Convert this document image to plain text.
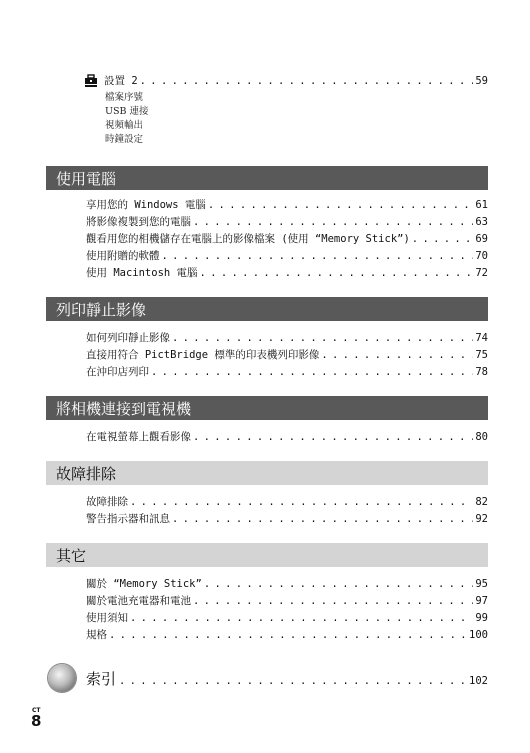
設置 2 . . .	59
檔案序號
USB 連接
視頻輸出
時鐘設定
使用電腦
享用您的 Windows 電腦 . . .	61
將影像複製到您的電腦 . . .	63
觀看用您的相機儲存在電腦上的影像檔案 (使用 “Memory Stick”) . . .	69
使用附贈的軟體 . . .	70
使用 Macintosh 電腦 . . .	72
列印靜止影像
如何列印靜止影像 . . .	74
直接用符合 PictBridge 標準的印表機列印影像 . . .	75
在沖印店列印 . . .	78
將相機連接到電視機
在電視螢幕上觀看影像 . . .	80
故障排除
故障排除 . . .	82
警告指示器和訊息 . . .	92
其它
關於 “Memory Stick” . . .	95
關於電池充電器和電池 . . .	97
使用須知 . . .	99
規格 . . .	100
索引 . . .	102
CT
8
